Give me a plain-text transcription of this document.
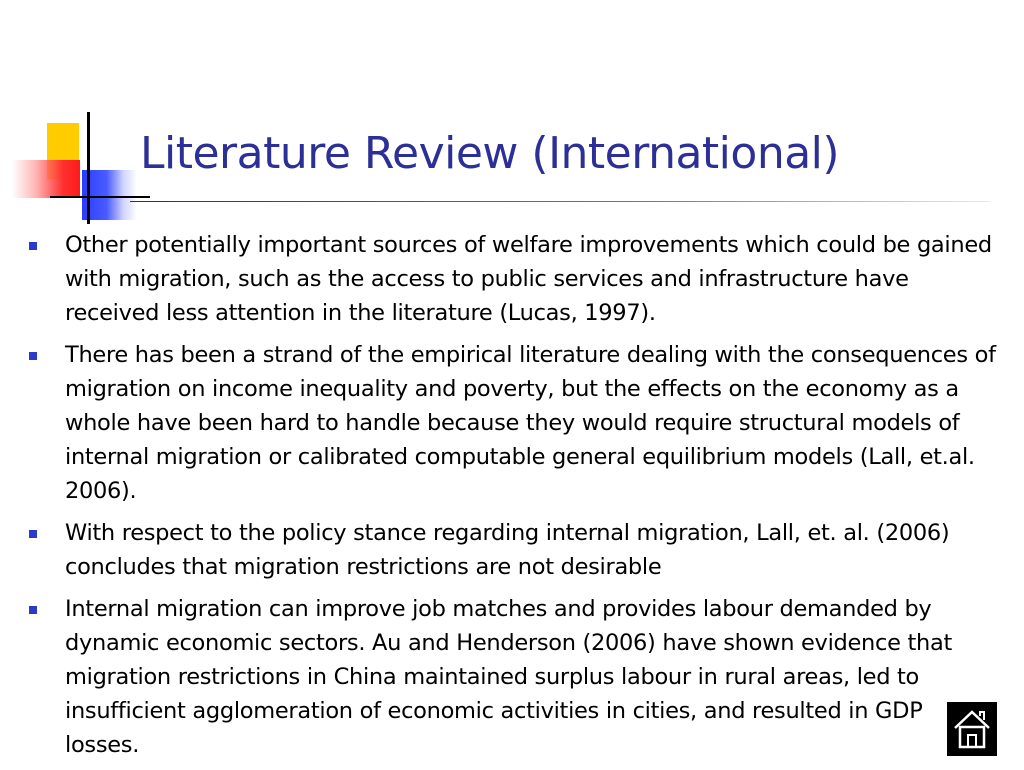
Literature Review (International)
Other potentially important sources of welfare improvements which could be gained with migration, such as the access to public services and infrastructure have received less attention in the literature (Lucas, 1997).
There has been a strand of the empirical literature dealing with the consequences of migration on income inequality and poverty, but the effects on the economy as a whole have been hard to handle because they would require structural models of internal migration or calibrated computable general equilibrium models (Lall, et.al. 2006).
With respect to the policy stance regarding internal migration, Lall, et. al. (2006) concludes that migration restrictions are not desirable
Internal migration can improve job matches and provides labour demanded by dynamic economic sectors. Au and Henderson (2006) have shown evidence that migration restrictions in China maintained surplus labour in rural areas, led to insufficient agglomeration of economic activities in cities, and resulted in GDP losses.
